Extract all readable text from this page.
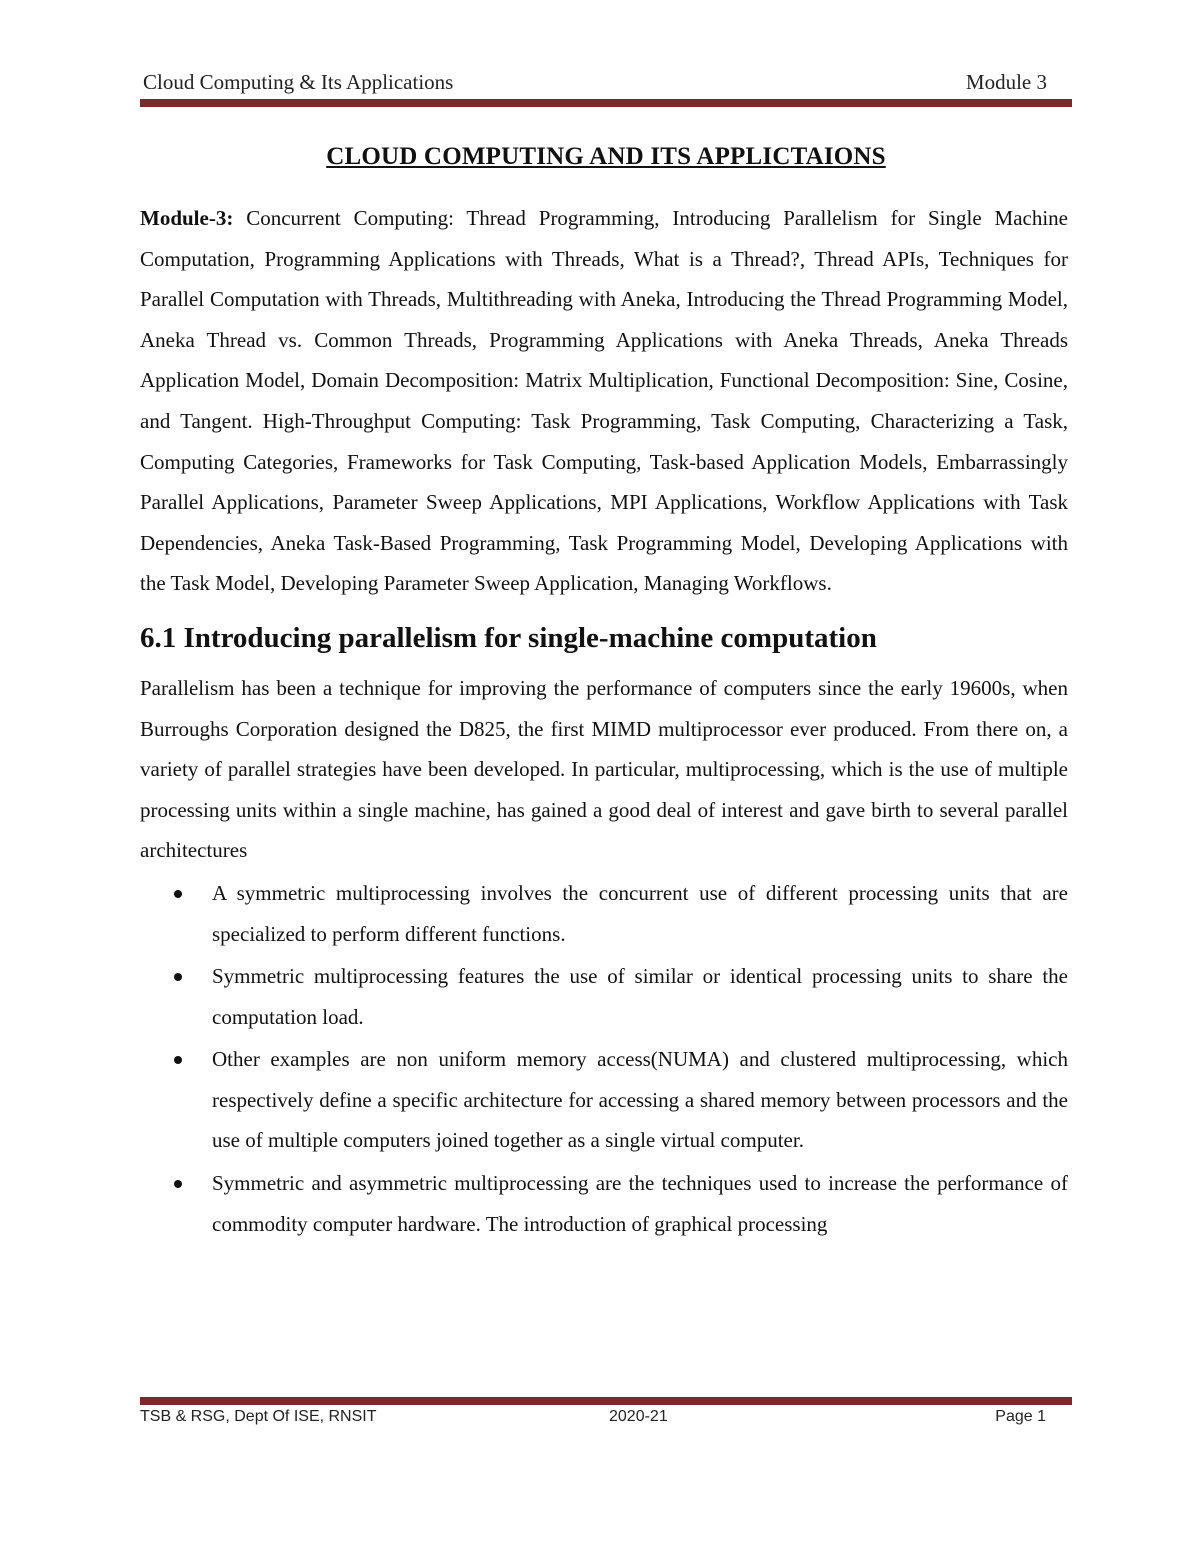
Cloud Computing & Its Applications	Module 3
CLOUD COMPUTING AND ITS APPLICTAIONS

Module-3: Concurrent Computing: Thread Programming, Introducing Parallelism for Single Machine Computation, Programming Applications with Threads, What is a Thread?, Thread APIs, Techniques for Parallel Computation with Threads, Multithreading with Aneka, Introducing the Thread Programming Model, Aneka Thread vs. Common Threads, Programming Applications with Aneka Threads, Aneka Threads Application Model, Domain Decomposition: Matrix Multiplication, Functional Decomposition: Sine, Cosine, and Tangent. High-Throughput Computing: Task Programming, Task Computing, Characterizing a Task, Computing Categories, Frameworks for Task Computing, Task-based Application Models, Embarrassingly Parallel Applications, Parameter Sweep Applications, MPI Applications, Workflow Applications with Task Dependencies, Aneka Task-Based Programming, Task Programming Model, Developing Applications with the Task Model, Developing Parameter Sweep Application, Managing Workflows.

6.1 Introducing parallelism for single-machine computation

Parallelism has been a technique for improving the performance of computers since the early 19600s, when Burroughs Corporation designed the D825, the first MIMD multiprocessor ever produced. From there on, a variety of parallel strategies have been developed. In particular, multiprocessing, which is the use of multiple processing units within a single machine, has gained a good deal of interest and gave birth to several parallel architectures

A symmetric multiprocessing involves the concurrent use of different processing units that are specialized to perform different functions.
Symmetric multiprocessing features the use of similar or identical processing units to share the computation load.
Other examples are non uniform memory access(NUMA) and clustered multiprocessing, which respectively define a specific architecture for accessing a shared memory between processors and the use of multiple computers joined together as a single virtual computer.
Symmetric and asymmetric multiprocessing are the techniques used to increase the performance of commodity computer hardware. The introduction of graphical processing
TSB & RSG, Dept Of ISE, RNSIT	2020-21	Page 1
